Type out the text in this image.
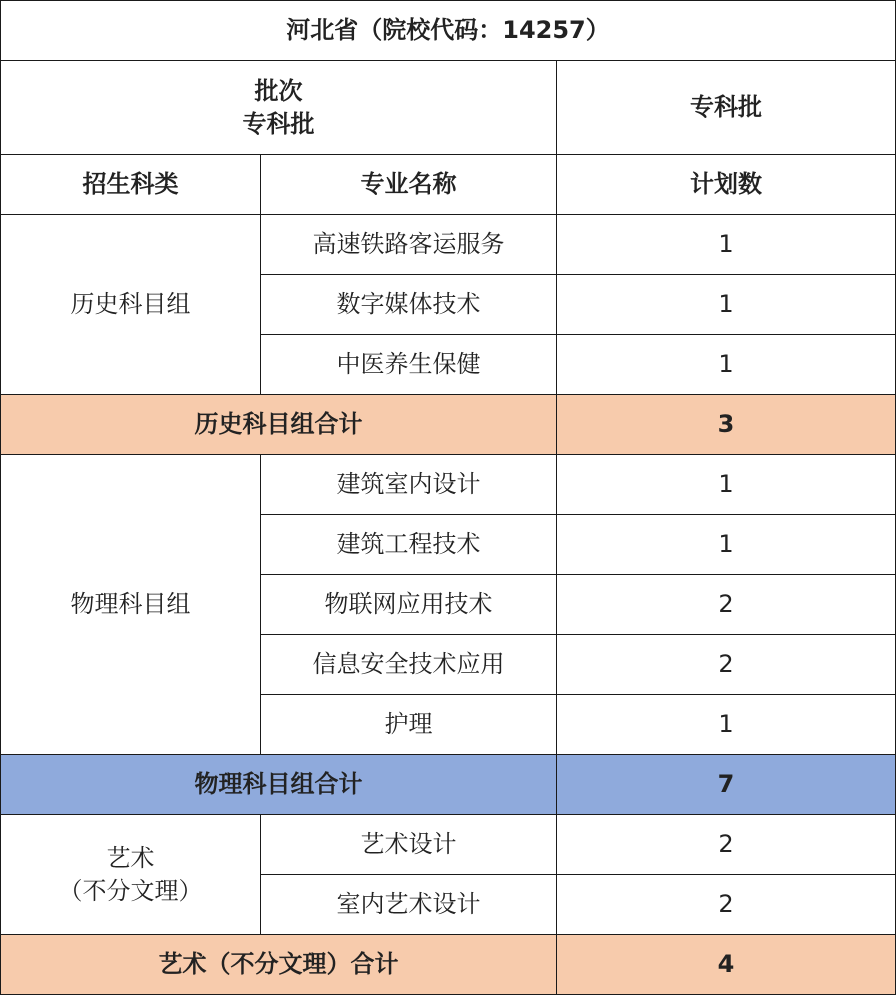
河北省（院校代码：14257）		

批次
专科批		专科批
招生科类	专业名称	计划数
历史科目组	高速铁路客运服务	1
	数字媒体技术	1
	中医养生保健	1
历史科目组合计		3
物理科目组	建筑室内设计	1
	建筑工程技术	1
	物联网应用技术	2
	信息安全技术应用	2
	护理	1
物理科目组合计		7

艺术
（不分文理）	艺术设计	2
	室内艺术设计	2
艺术（不分文理）合计		4
